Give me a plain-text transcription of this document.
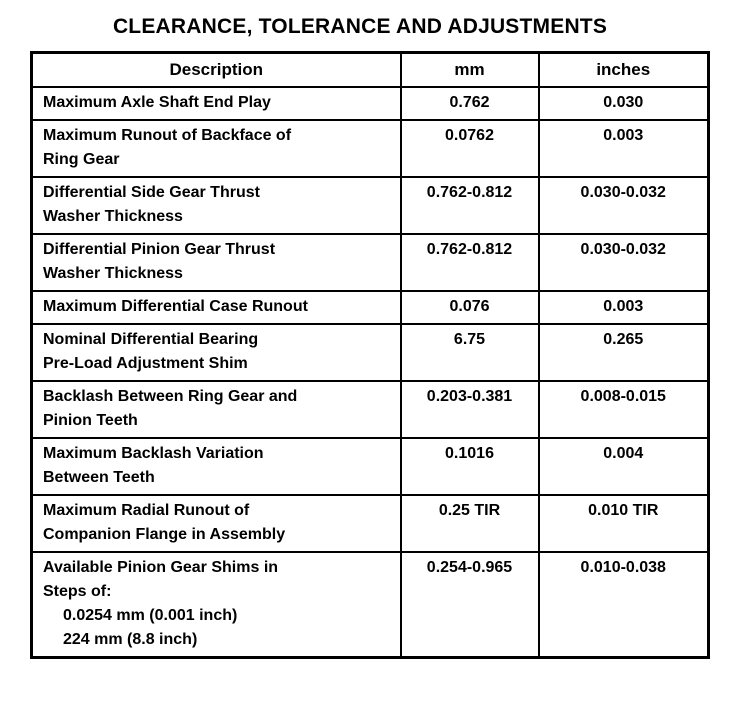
CLEARANCE, TOLERANCE AND ADJUSTMENTS
Description	mm	inches
Maximum Axle Shaft End Play	0.762	0.030
Maximum Runout of Backface of
Ring Gear	0.0762	0.003
Differential Side Gear Thrust
Washer Thickness	0.762-0.812	0.030-0.032
Differential Pinion Gear Thrust
Washer Thickness	0.762-0.812	0.030-0.032
Maximum Differential Case Runout	0.076	0.003
Nominal Differential Bearing
Pre-Load Adjustment Shim	6.75	0.265
Backlash Between Ring Gear and
Pinion Teeth	0.203-0.381	0.008-0.015
Maximum Backlash Variation
Between Teeth	0.1016	0.004
Maximum Radial Runout of
Companion Flange in Assembly	0.25 TIR	0.010 TIR
Available Pinion Gear Shims in
Steps of:
0.0254 mm (0.001 inch)
224 mm (8.8 inch)	0.254-0.965	0.010-0.038
